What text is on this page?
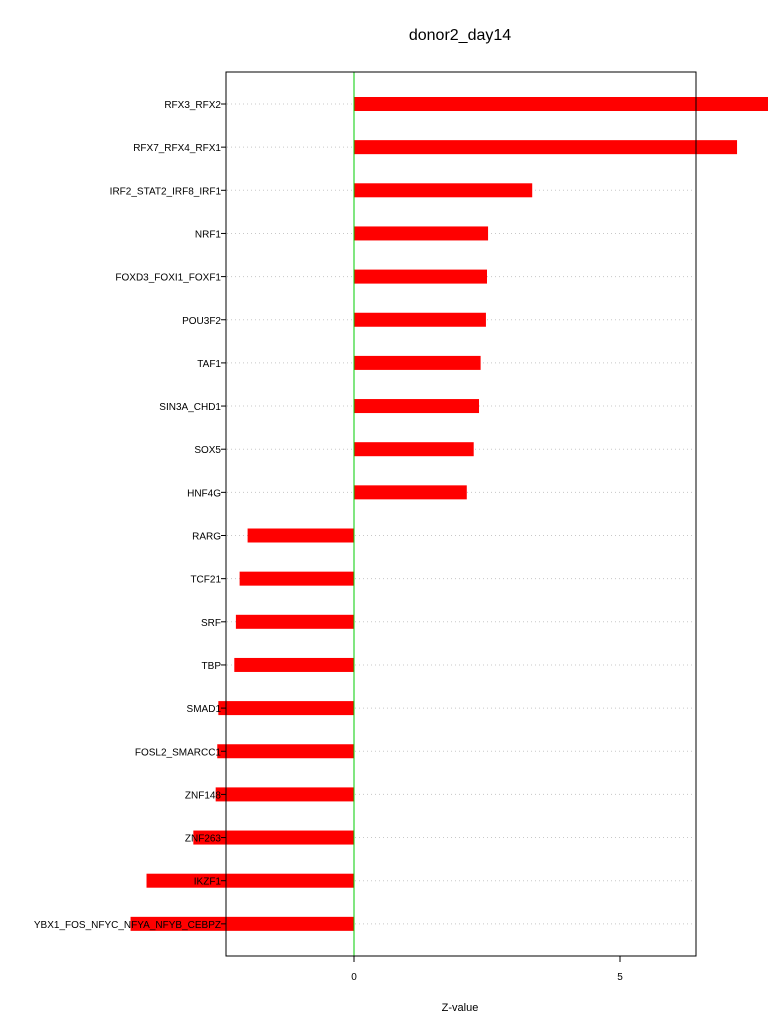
donor2_day14
RFX3_RFX2
RFX7_RFX4_RFX1
IRF2_STAT2_IRF8_IRF1
NRF1
FOXD3_FOXI1_FOXF1
POU3F2
TAF1
SIN3A_CHD1
SOX5
HNF4G
RARG
TCF21
SRF
TBP
SMAD1
FOSL2_SMARCC1
ZNF148
ZNF263
IKZF1
YBX1_FOS_NFYC_NFYA_NFYB_CEBPZ
0	5
Z-value
